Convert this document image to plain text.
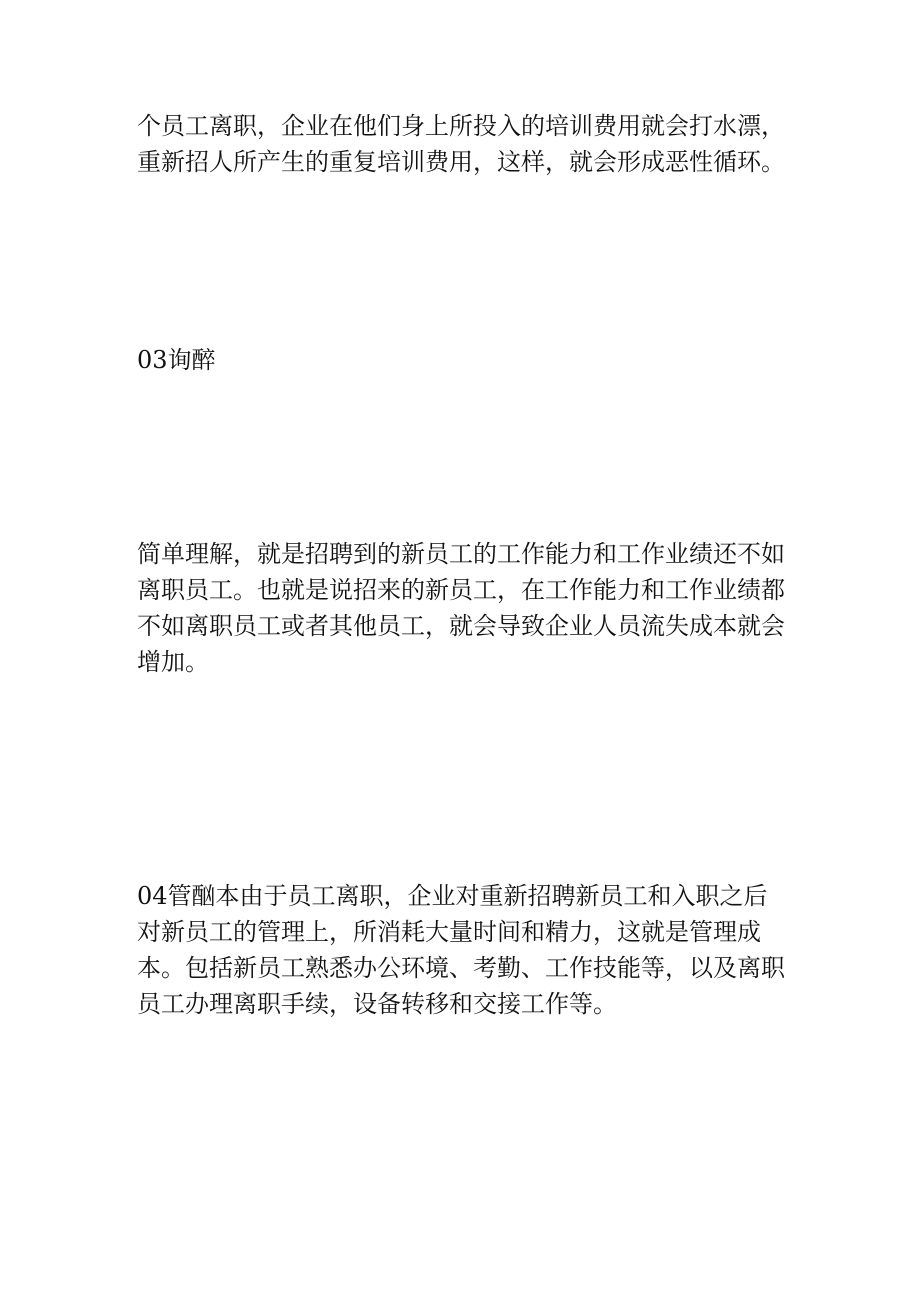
个员工离职，企业在他们身上所投入的培训费用就会打水漂，重新招人所产生的重复培训费用，这样，就会形成恶性循环。

03询醉

简单理解，就是招聘到的新员工的工作能力和工作业绩还不如离职员工。也就是说招来的新员工，在工作能力和工作业绩都不如离职员工或者其他员工，就会导致企业人员流失成本就会增加。

04管酗本由于员工离职，企业对重新招聘新员工和入职之后对新员工的管理上，所消耗大量时间和精力，这就是管理成本。包括新员工熟悉办公环境、考勤、工作技能等，以及离职员工办理离职手续，设备转移和交接工作等。
